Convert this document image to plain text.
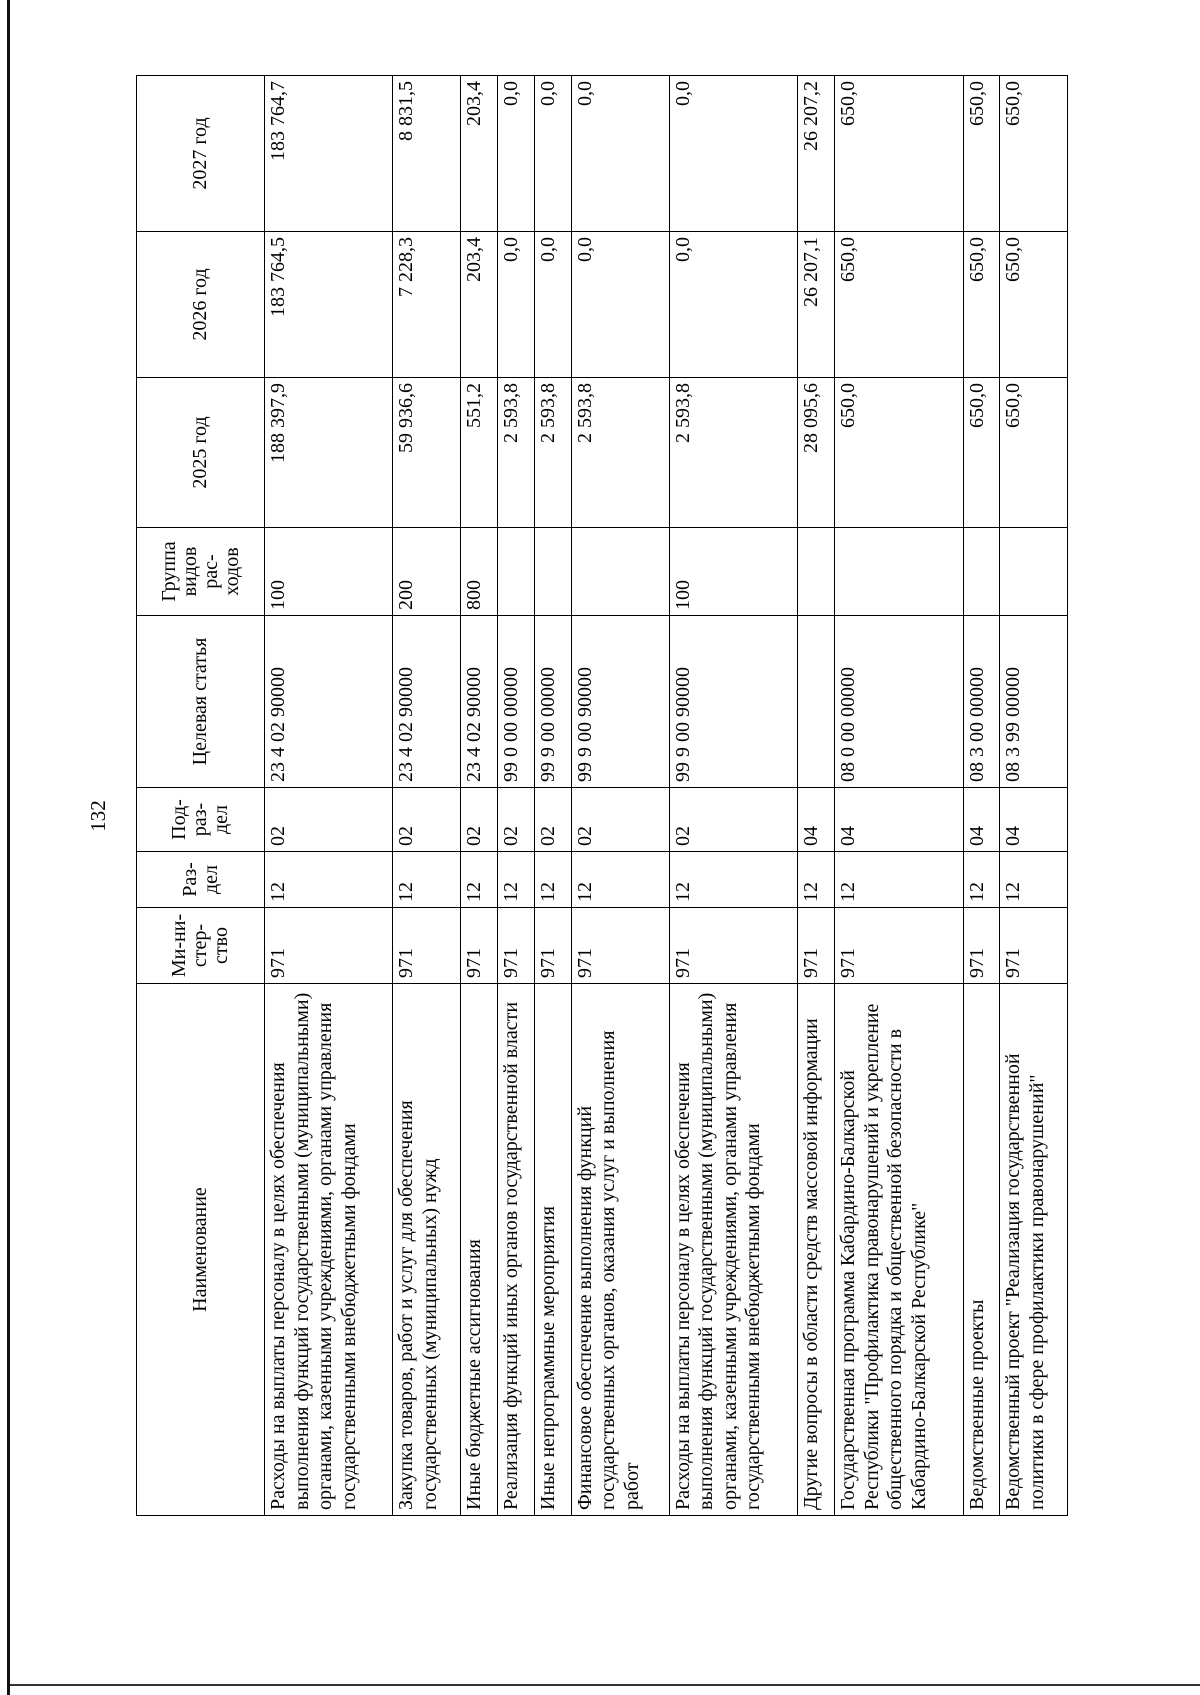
132
Наименование	Ми-ни-стер-ство	Раз-дел	Под-раз-дел	Целевая статья	Группа видов рас-ходов	2025 год	2026 год	2027 год
Расходы на выплаты персоналу в целях обеспечения выполнения функций государственными (муниципальными) органами, казенными учреждениями, органами управления государственными внебюджетными фондами	971	12	02	23 4 02 90000	100	188 397,9	183 764,5	183 764,7
Закупка товаров, работ и услуг для обеспечения государственных (муниципальных) нужд	971	12	02	23 4 02 90000	200	59 936,6	7 228,3	8 831,5
Иные бюджетные ассигнования	971	12	02	23 4 02 90000	800	551,2	203,4	203,4
Реализация функций иных органов государственной власти	971	12	02	99 0 00 00000		2 593,8	0,0	0,0
Иные непрограммные мероприятия	971	12	02	99 9 00 00000		2 593,8	0,0	0,0
Финансовое обеспечение выполнения функций государственных органов, оказания услуг и выполнения работ	971	12	02	99 9 00 90000		2 593,8	0,0	0,0
Расходы на выплаты персоналу в целях обеспечения выполнения функций государственными (муниципальными) органами, казенными учреждениями, органами управления государственными внебюджетными фондами	971	12	02	99 9 00 90000	100	2 593,8	0,0	0,0
Другие вопросы в области средств массовой информации	971	12	04			28 095,6	26 207,1	26 207,2
Государственная программа Кабардино-Балкарской Республики "Профилактика правонарушений и укрепление общественного порядка и общественной безопасности в Кабардино-Балкарской Республике"	971	12	04	08 0 00 00000		650,0	650,0	650,0
Ведомственные проекты	971	12	04	08 3 00 00000		650,0	650,0	650,0
Ведомственный проект "Реализация государственной политики в сфере профилактики правонарушений"	971	12	04	08 3 99 00000		650,0	650,0	650,0
